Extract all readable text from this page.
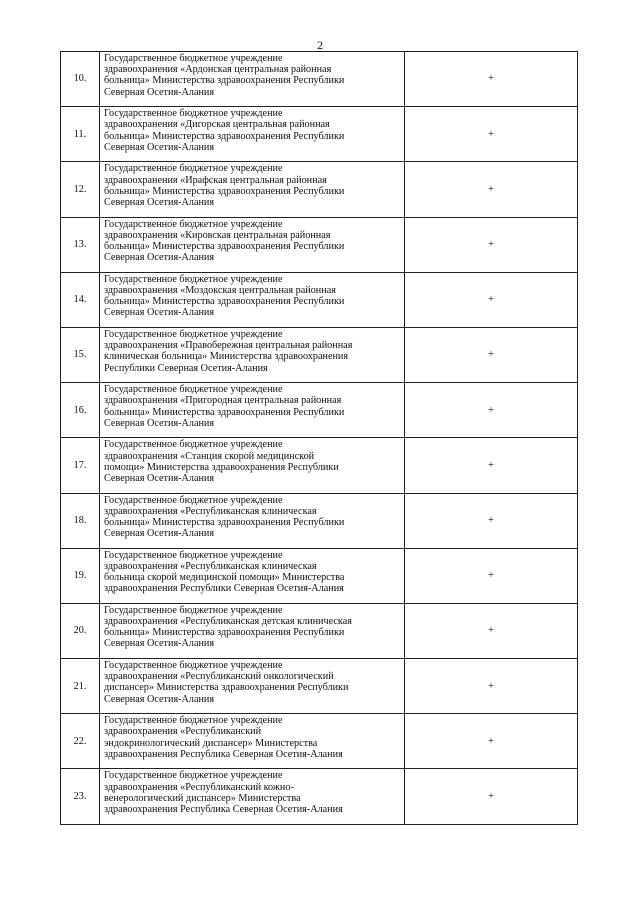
2
10.	Государственное бюджетное учреждение
здравоохранения «Ардонская центральная районная
больница» Министерства здравоохранения Республики
Северная Осетия-Алания	+
11.	Государственное бюджетное учреждение
здравоохранения «Дигорская центральная районная
больница» Министерства здравоохранения Республики
Северная Осетия-Алания	+
12.	Государственное бюджетное учреждение
здравоохранения «Ирафская центральная районная
больница» Министерства здравоохранения Республики
Северная Осетия-Алания	+
13.	Государственное бюджетное учреждение
здравоохранения «Кировская центральная районная
больница» Министерства здравоохранения Республики
Северная Осетия-Алания	+
14.	Государственное бюджетное учреждение
здравоохранения «Моздокская центральная районная
больница» Министерства здравоохранения Республики
Северная Осетия-Алания	+
15.	Государственное бюджетное учреждение
здравоохранения «Правобережная центральная районная
клиническая больница» Министерства здравоохранения
Республики Северная Осетия-Алания	+
16.	Государственное бюджетное учреждение
здравоохранения «Пригородная центральная районная
больница» Министерства здравоохранения Республики
Северная Осетия-Алания	+
17.	Государственное бюджетное учреждение
здравоохранения «Станция скорой медицинской
помощи» Министерства здравоохранения Республики
Северная Осетия-Алания	+
18.	Государственное бюджетное учреждение
здравоохранения «Республиканская клиническая
больница» Министерства здравоохранения Республики
Северная Осетия-Алания	+
19.	Государственное бюджетное учреждение
здравоохранения «Республиканская клиническая
больница скорой медицинской помощи» Министерства
здравоохранения Республики Северная Осетия-Алания	+
20.	Государственное бюджетное учреждение
здравоохранения «Республиканская детская клиническая
больница» Министерства здравоохранения Республики
Северная Осетия-Алания	+
21.	Государственное бюджетное учреждение
здравоохранения «Республиканский онкологический
диспансер» Министерства здравоохранения Республики
Северная Осетия-Алания	+
22.	Государственное бюджетное учреждение
здравоохранения «Республиканский
эндокринологический диспансер» Министерства
здравоохранения Республика Северная Осетия-Алания	+
23.	Государственное бюджетное учреждение
здравоохранения «Республиканский кожно-
венерологический диспансер» Министерства
здравоохранения Республика Северная Осетия-Алания	+
